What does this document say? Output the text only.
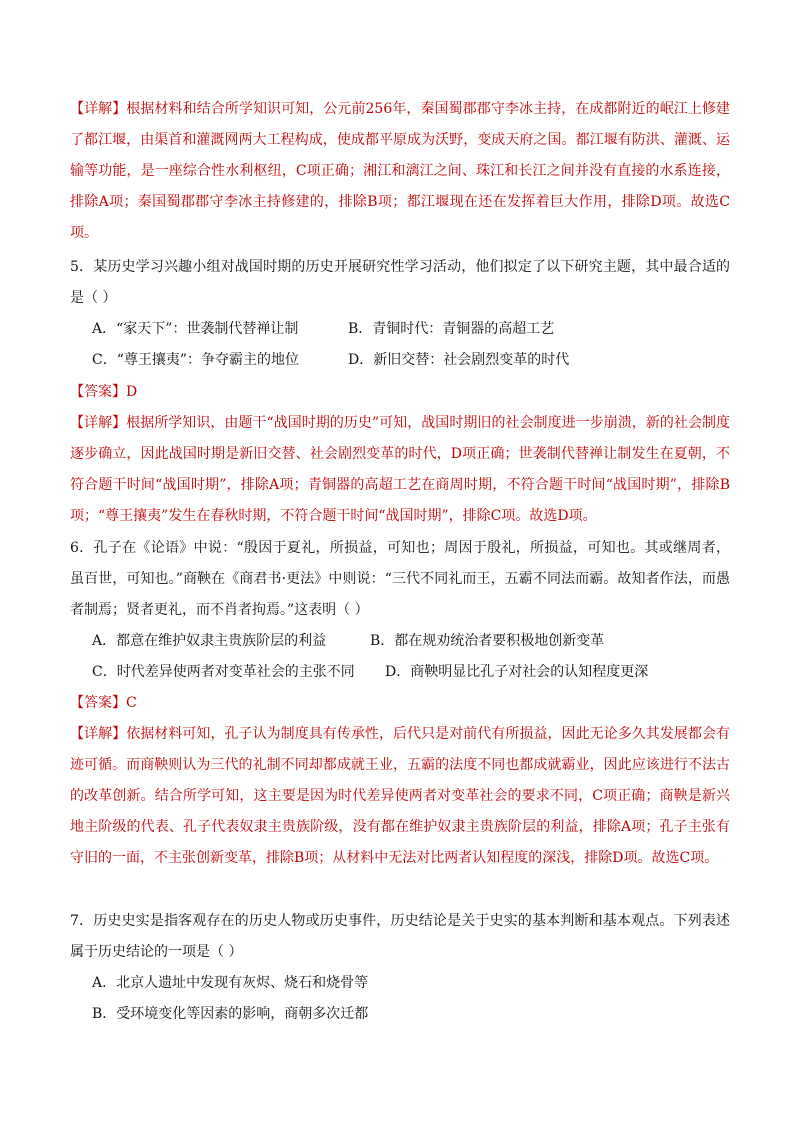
【详解】根据材料和结合所学知识可知，公元前256年，秦国蜀郡郡守李冰主持，在成都附近的岷江上修建了都江堰，由渠首和灌溉网两大工程构成，使成都平原成为沃野，变成天府之国。都江堰有防洪、灌溉、运输等功能，是一座综合性水利枢纽，C项正确；湘江和漓江之间、珠江和长江之间并没有直接的水系连接，排除A项；秦国蜀郡郡守李冰主持修建的，排除B项；都江堰现在还在发挥着巨大作用，排除D项。故选C项。
5．某历史学习兴趣小组对战国时期的历史开展研究性学习活动，他们拟定了以下研究主题，其中最合适的是（ ）
A．“家天下”：世袭制代替禅让制	B．青铜时代：青铜器的高超工艺
C．“尊王攘夷”：争夺霸主的地位	D．新旧交替：社会剧烈变革的时代
【答案】D
【详解】根据所学知识，由题干“战国时期的历史”可知，战国时期旧的社会制度进一步崩溃，新的社会制度逐步确立，因此战国时期是新旧交替、社会剧烈变革的时代，D项正确；世袭制代替禅让制发生在夏朝，不符合题干时间“战国时期”，排除A项；青铜器的高超工艺在商周时期，不符合题干时间“战国时期”，排除B项；“尊王攘夷”发生在春秋时期，不符合题干时间“战国时期”，排除C项。故选D项。
6．孔子在《论语》中说：“殷因于夏礼，所损益，可知也；周因于殷礼，所损益，可知也。其或继周者，虽百世，可知也。”商鞅在《商君书·更法》中则说：“三代不同礼而王，五霸不同法而霸。故知者作法，而愚者制焉；贤者更礼，而不肖者拘焉。”这表明（ ）
A．都意在维护奴隶主贵族阶层的利益	B．都在规劝统治者要积极地创新变革
C．时代差异使两者对变革社会的主张不同 D．商鞅明显比孔子对社会的认知程度更深
【答案】C
【详解】依据材料可知，孔子认为制度具有传承性，后代只是对前代有所损益，因此无论多久其发展都会有迹可循。而商鞅则认为三代的礼制不同却都成就王业，五霸的法度不同也都成就霸业，因此应该进行不法古的改革创新。结合所学可知，这主要是因为时代差异使两者对变革社会的要求不同，C项正确；商鞅是新兴地主阶级的代表、孔子代表奴隶主贵族阶级，没有都在维护奴隶主贵族阶层的利益，排除A项；孔子主张有守旧的一面，不主张创新变革，排除B项；从材料中无法对比两者认知程度的深浅，排除D项。故选C项。
7．历史史实是指客观存在的历史人物或历史事件，历史结论是关于史实的基本判断和基本观点。下列表述属于历史结论的一项是（ ）
A．北京人遗址中发现有灰烬、烧石和烧骨等
B．受环境变化等因素的影响，商朝多次迁都
